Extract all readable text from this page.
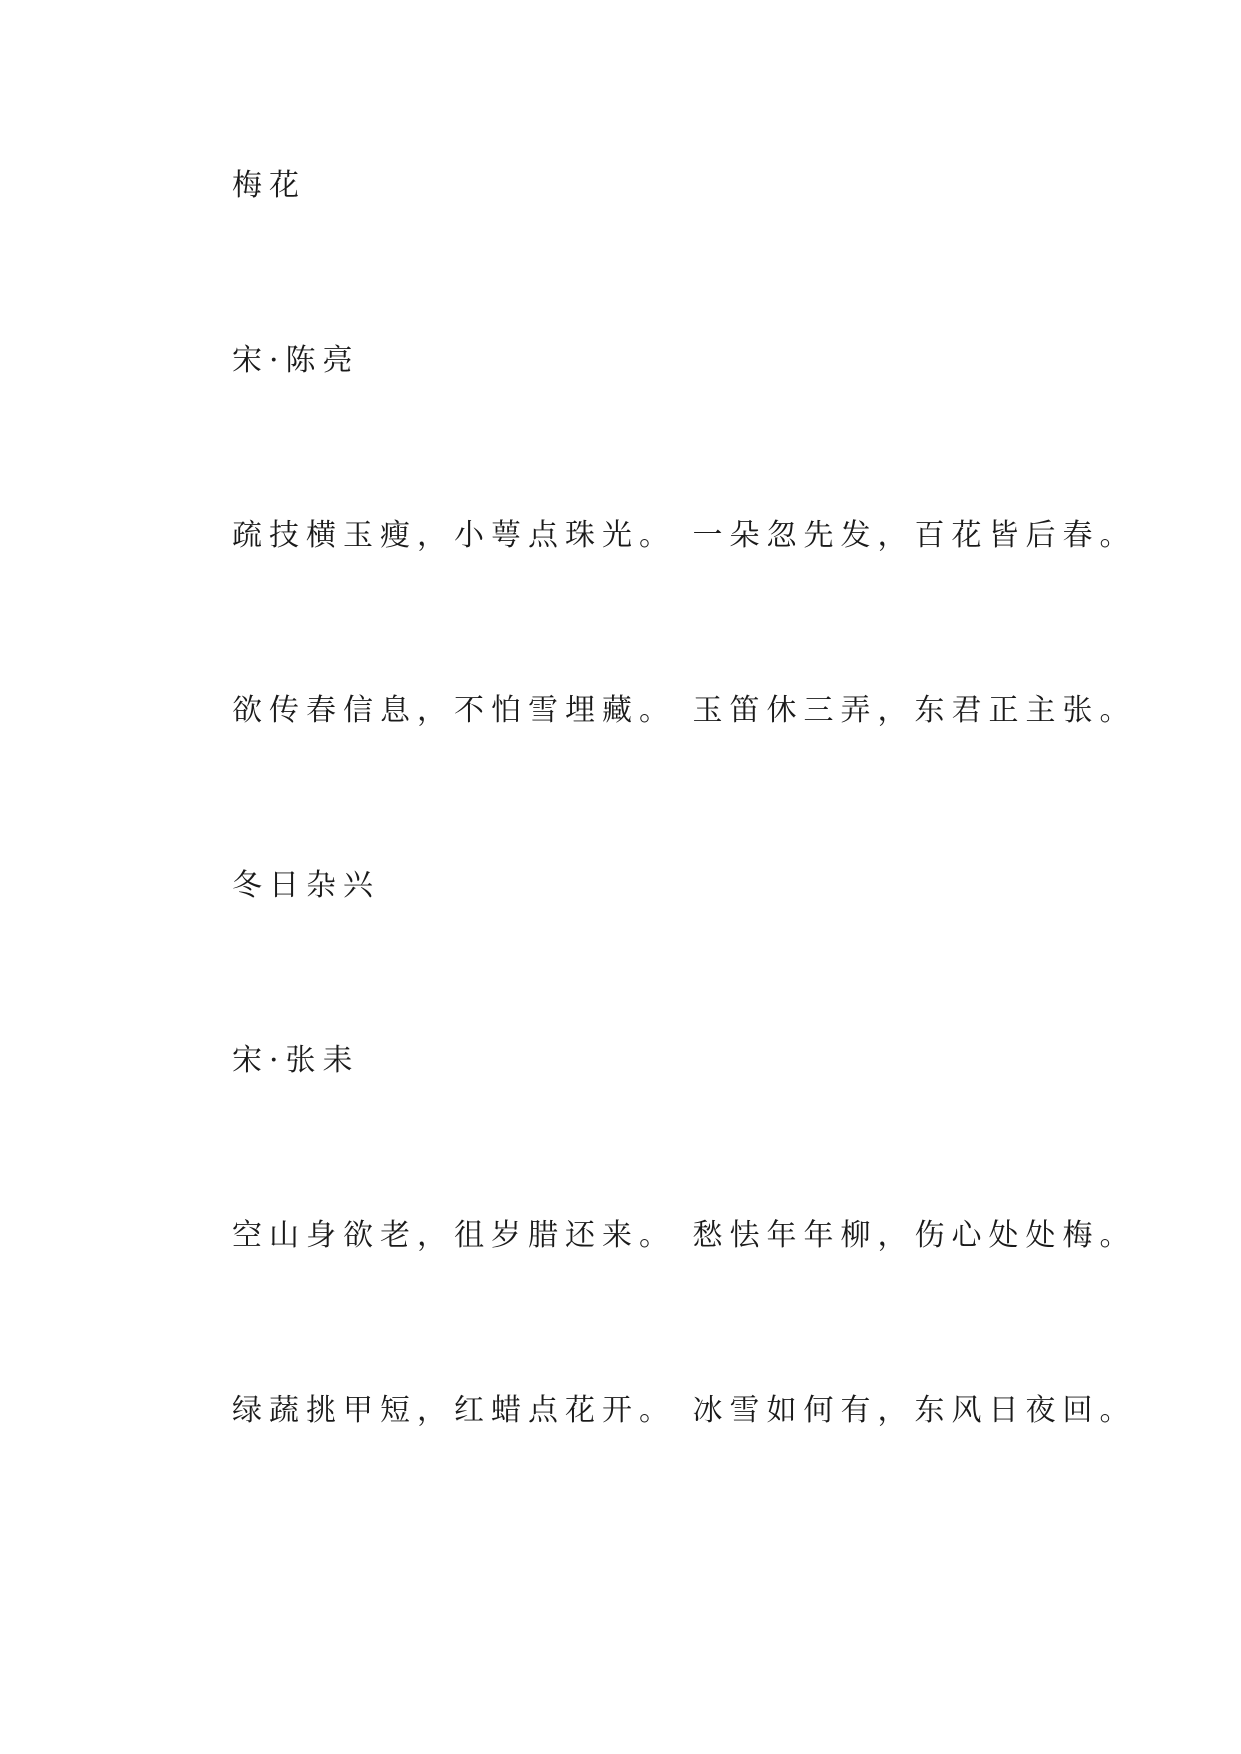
梅花
宋·陈亮
疏技横玉瘦，小萼点珠光。 一朵忽先发，百花皆后春。
欲传春信息，不怕雪埋藏。 玉笛休三弄，东君正主张。
冬日杂兴
宋·张耒
空山身欲老，徂岁腊还来。 愁怯年年柳，伤心处处梅。
绿蔬挑甲短，红蜡点花开。 冰雪如何有，东风日夜回。
